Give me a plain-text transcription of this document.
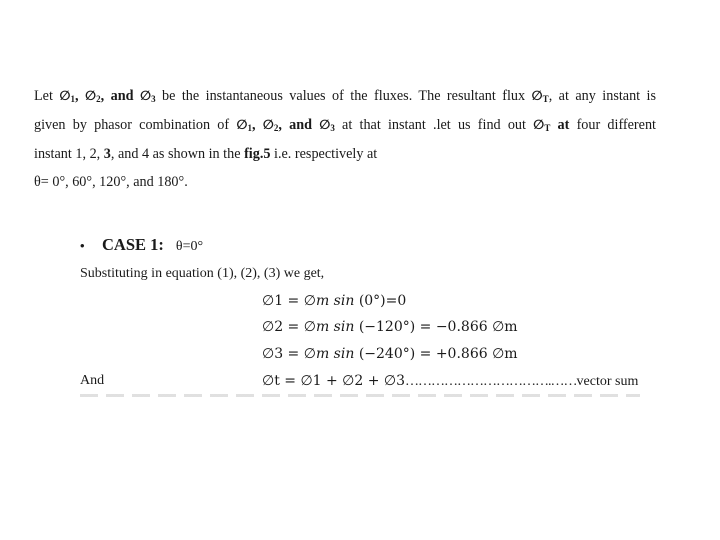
Let $\emptyset_1$, $\emptyset_2$, and $\emptyset_3$ be the instantaneous values of the fluxes. The resultant flux $\emptyset_T$, at any instant is
given by phasor combination of $\emptyset_1$, $\emptyset_2$, and $\emptyset_3$ at that instant .let us find out $\emptyset_T$ at four different
instant 1, 2, 3, and 4 as shown in the fig.5 i.e. respectively at
θ= 0°, 60°, 120°, and 180°.
• CASE 1: θ=0°
Substituting in equation (1), (2), (3) we get,
∅1 = ∅m sin (0°)=0
∅2 = ∅m sin (−120°) = −0.866 ∅m
∅3 = ∅m sin (−240°) = +0.866 ∅m
And	∅t = ∅1 + ∅2 + ∅3…………………………….……vector sum
